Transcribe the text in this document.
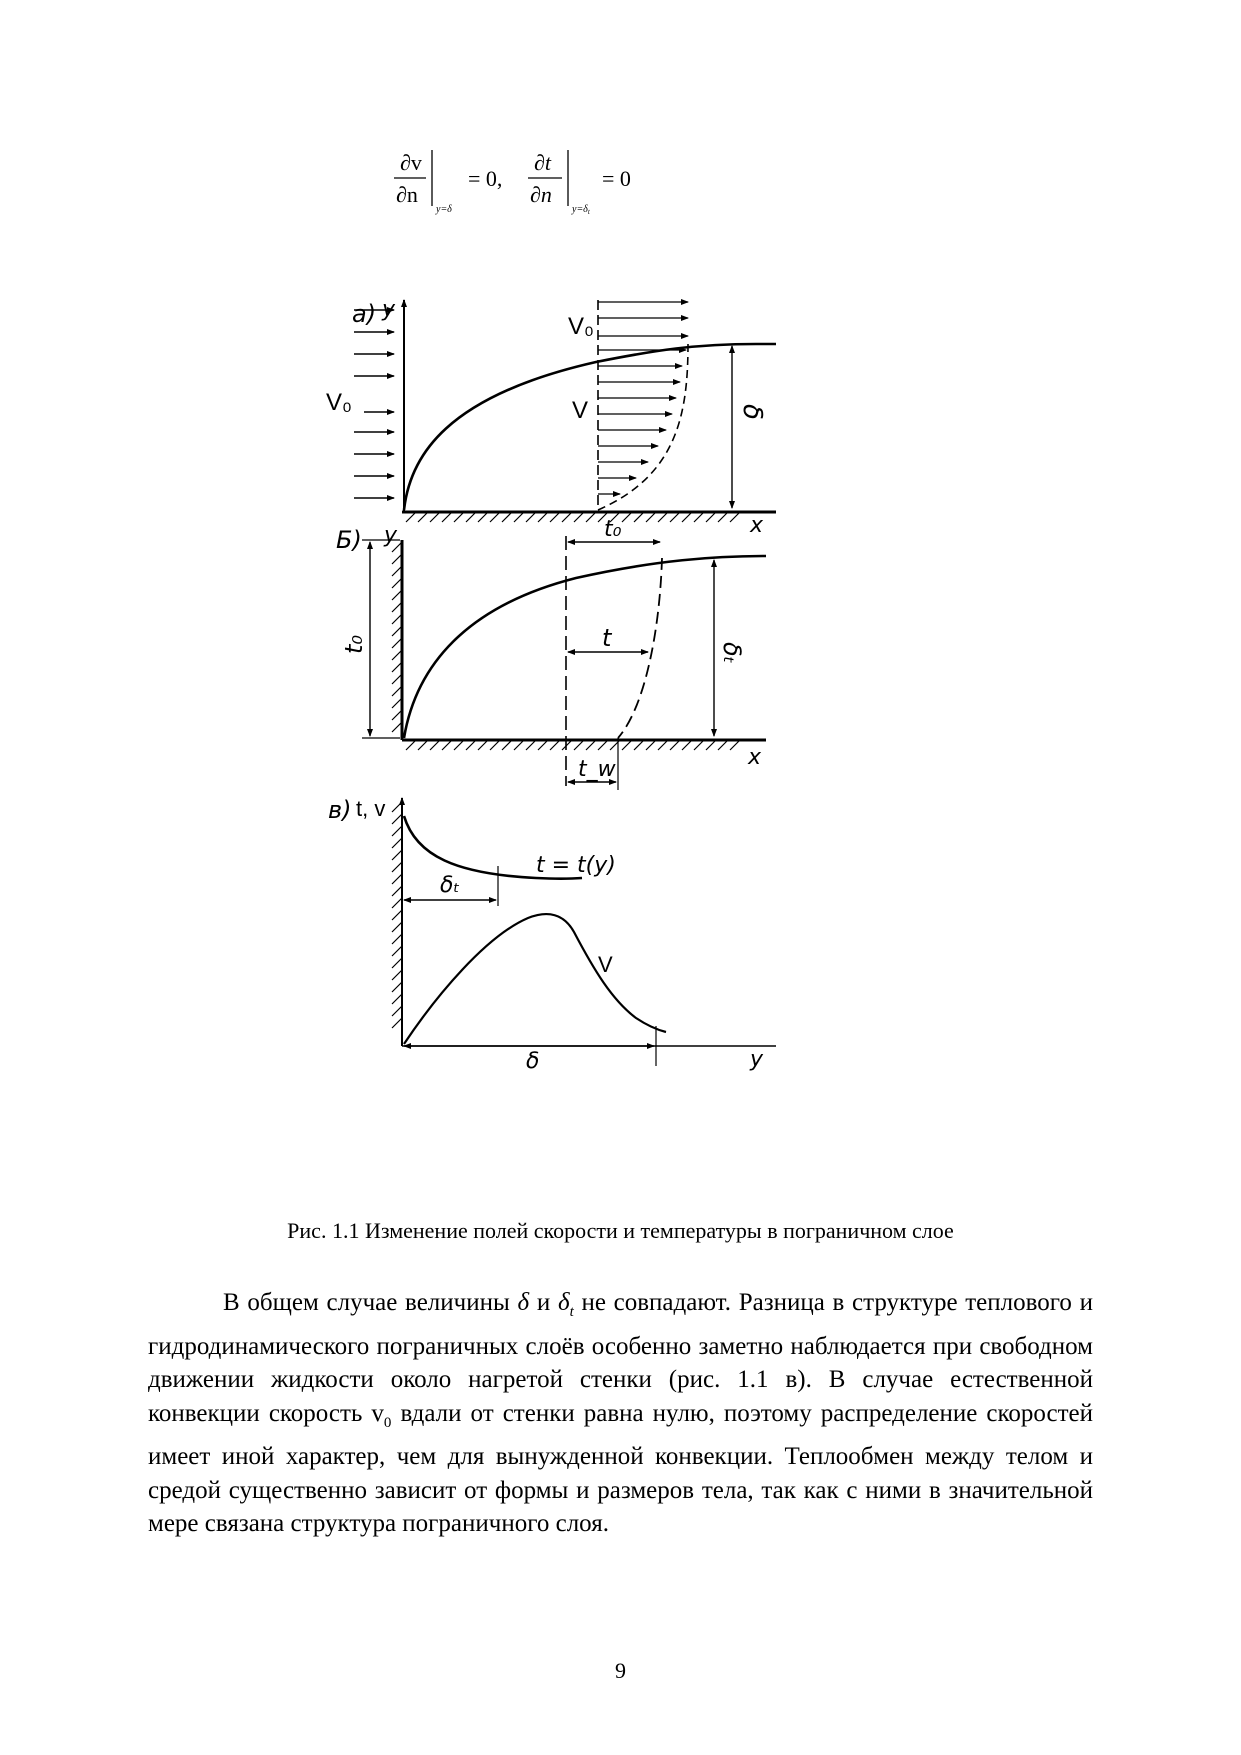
∂v
∂n
y=δ
= 0,
∂t
∂n
$y=\delta_t$
= 0
а) y
x
V₀
V₀
V	δ
Б) y
x
t₀
t₀
t
t_w
δₜ
в) t, v
y
t = t(y)
δₜ
V
δ
Рис. 1.1 Изменение полей скорости и температуры в пограничном слое

В общем случае величины δ и $\delta_t$ не совпадают. Разница в структуре теплового и гидродинамического пограничных слоёв особенно заметно наблюдается при свободном движении жидкости около нагретой стенки (рис. 1.1 в). В случае естественной конвекции скорость $v_0$ вдали от стенки равна нулю, поэтому распределение скоростей имеет иной характер, чем для вынужденной конвекции. Теплообмен между телом и средой существенно зависит от формы и размеров тела, так как с ними в значительной мере связана структура пограничного слоя.

9
